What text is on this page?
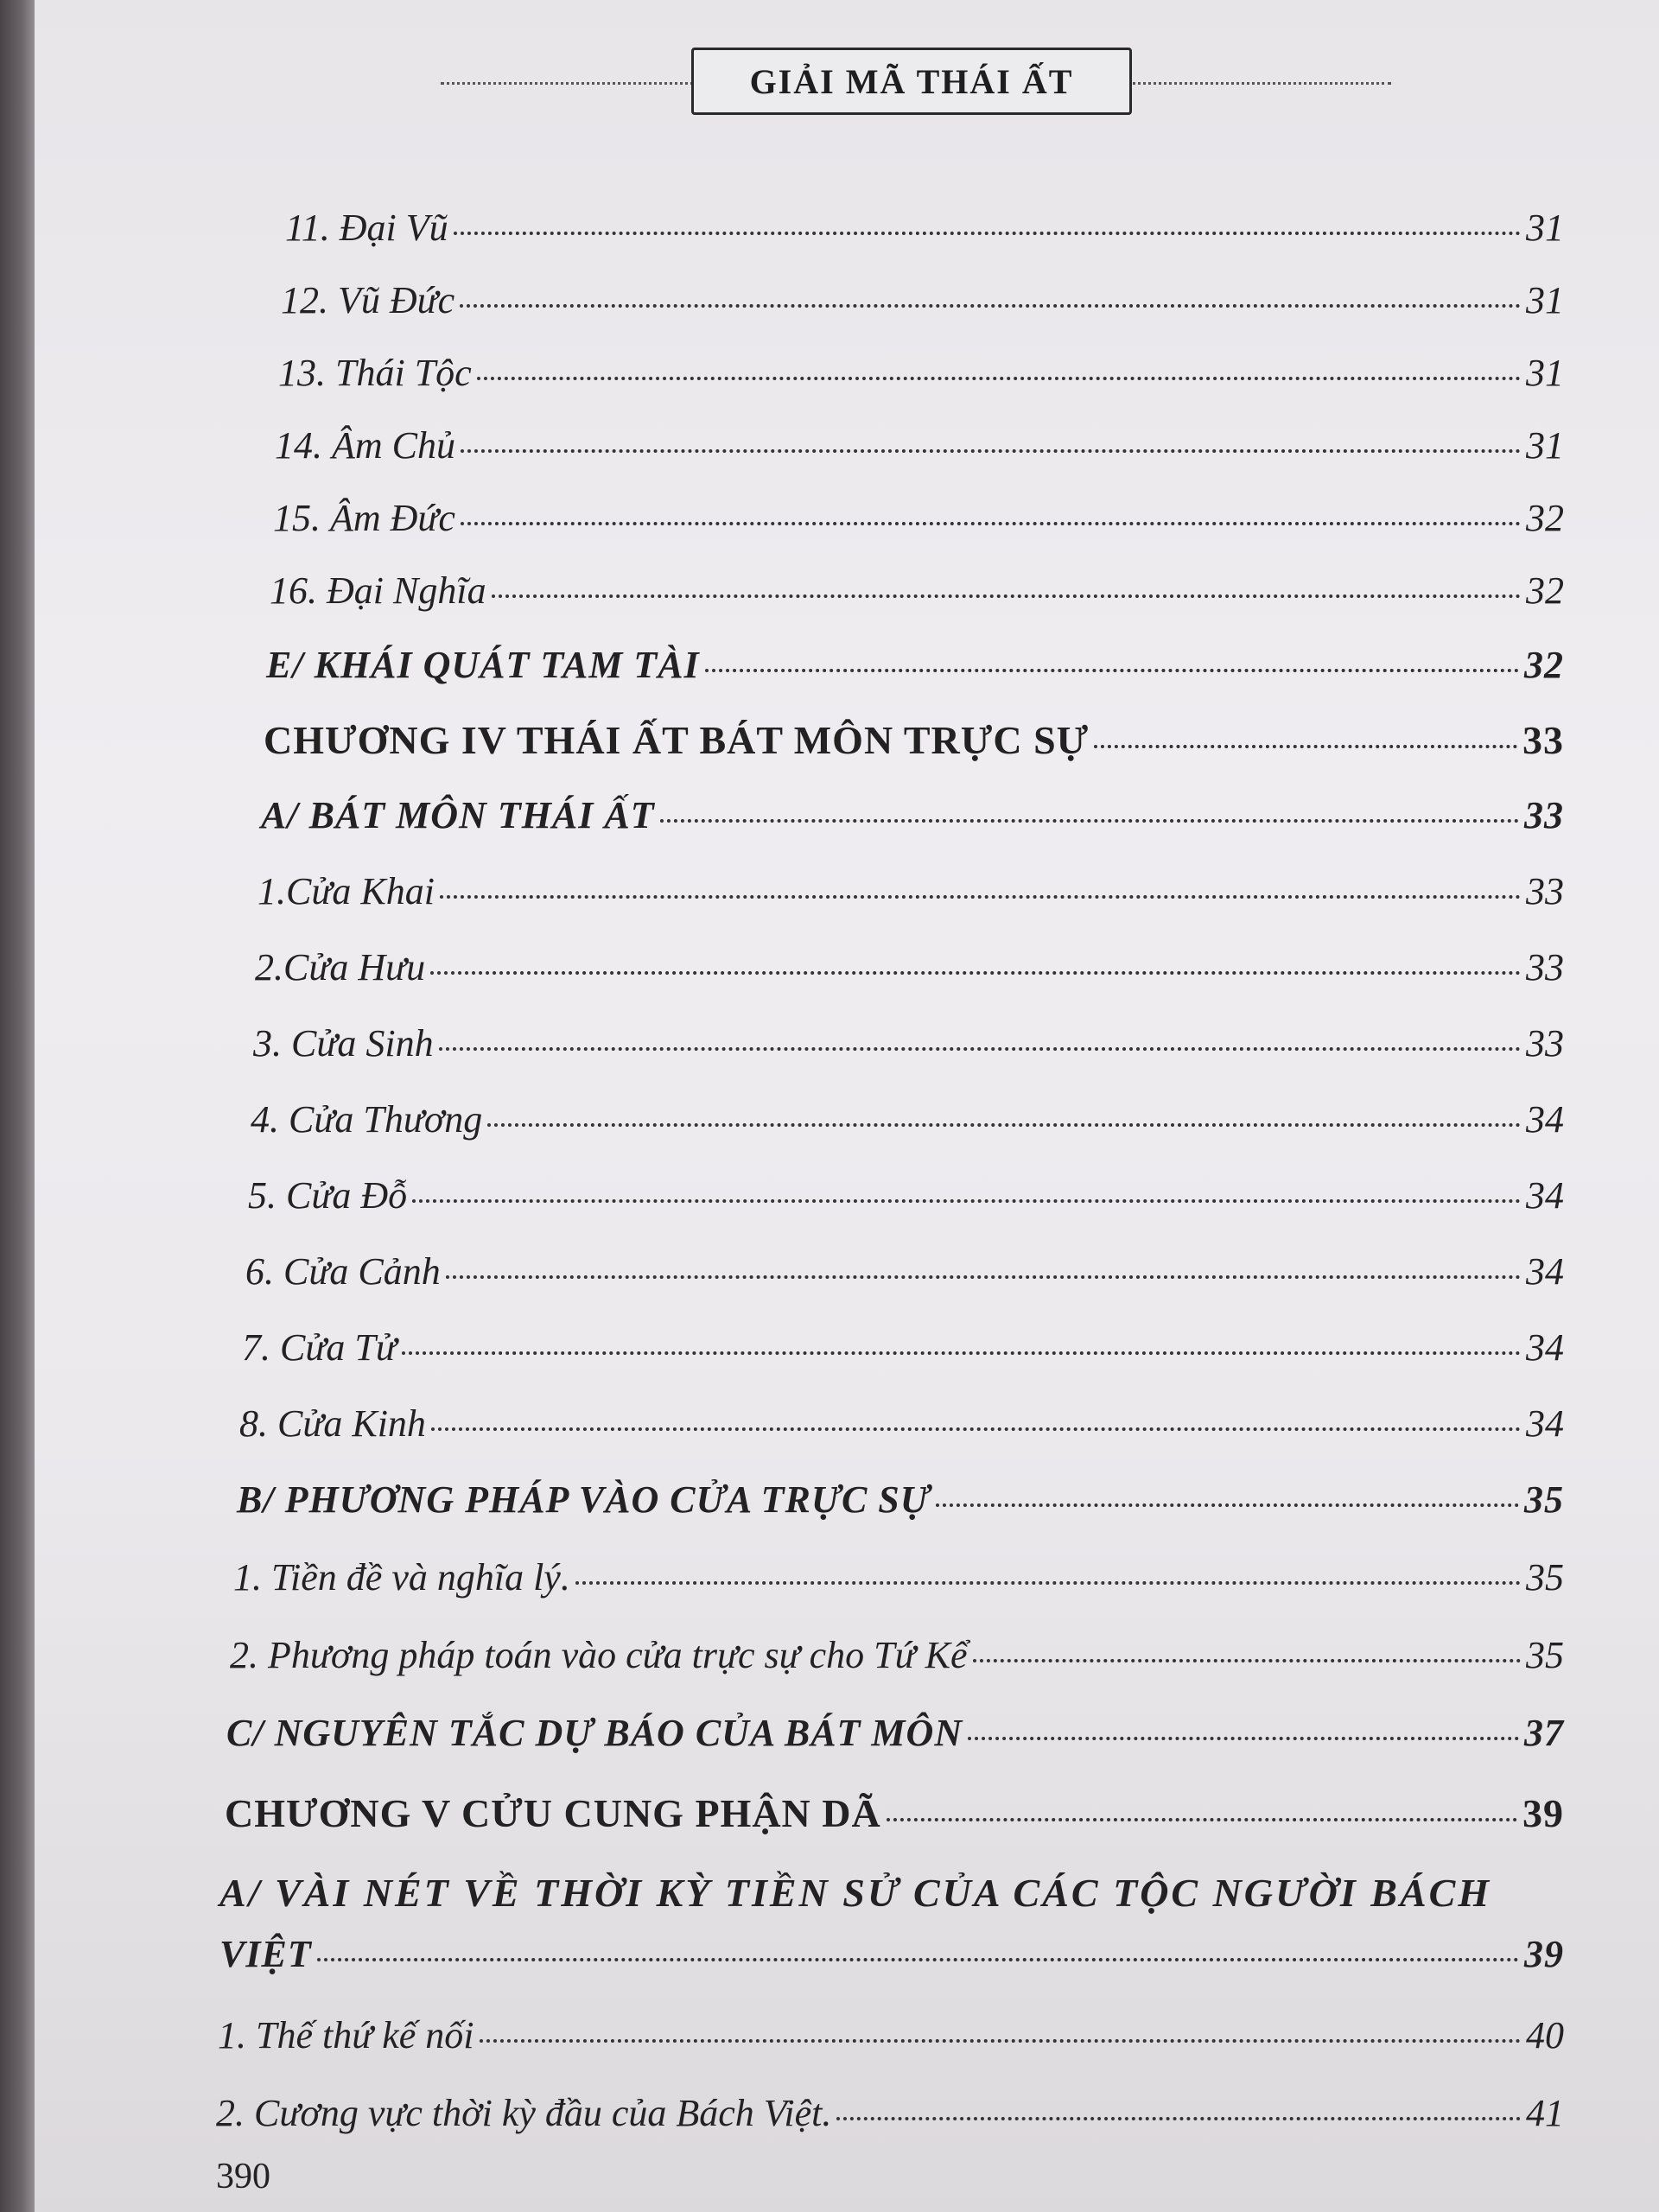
GIẢI MÃ THÁI ẤT
11. Đại Vũ	31
12. Vũ Đức	31
13. Thái Tộc	31
14. Âm Chủ	31
15. Âm Đức	32
16. Đại Nghĩa	32
E/ KHÁI QUÁT TAM TÀI	32
CHƯƠNG IV THÁI ẤT BÁT MÔN TRỰC SỰ	33
A/ BÁT MÔN THÁI ẤT	33
1.Cửa Khai	33
2.Cửa Hưu	33
3. Cửa Sinh	33
4. Cửa Thương	34
5. Cửa Đỗ	34
6. Cửa Cảnh	34
7. Cửa Tử	34
8. Cửa Kinh	34
B/ PHƯƠNG PHÁP VÀO CỬA TRỰC SỰ	35
1. Tiền đề và nghĩa lý.	35
2. Phương pháp toán vào cửa trực sự cho Tứ Kể	35
C/ NGUYÊN TẮC DỰ BÁO CỦA BÁT MÔN	37
CHƯƠNG V CỬU CUNG PHẬN DÃ	39
A/ VÀI NÉT VỀ THỜI KỲ TIỀN SỬ CỦA CÁC TỘC NGƯỜI BÁCH
VIỆT	39
1. Thế thứ kế nối	40
2. Cương vực thời kỳ đầu của Bách Việt.	41
390
